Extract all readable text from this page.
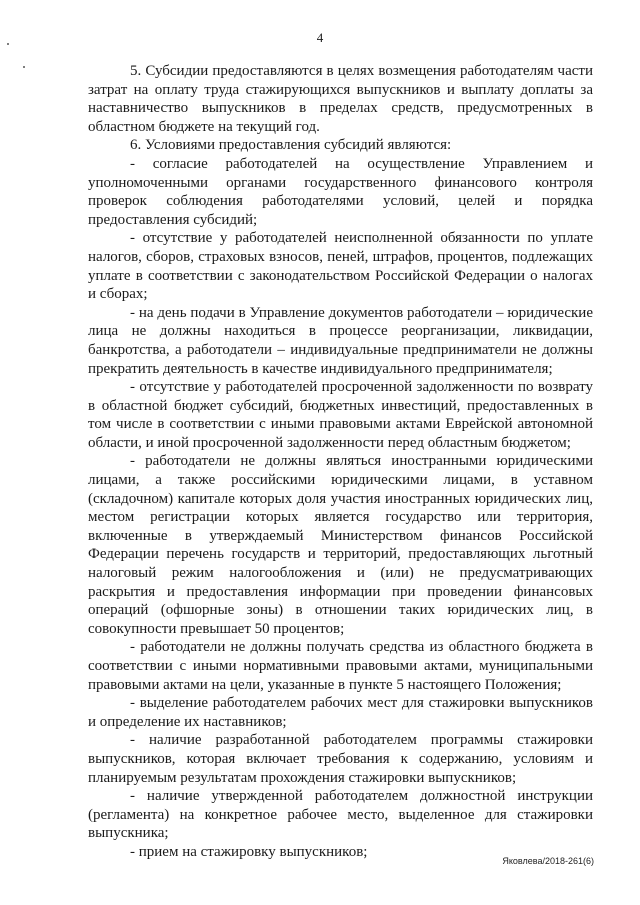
4

5. Субсидии предоставляются в целях возмещения работодателям части затрат на оплату труда стажирующихся выпускников и выплату доплаты за наставничество выпускников в пределах средств, предусмотренных в областном бюджете на текущий год.

6. Условиями предоставления субсидий являются:

- согласие работодателей на осуществление Управлением и уполномоченными органами государственного финансового контроля проверок соблюдения работодателями условий, целей и порядка предоставления субсидий;

- отсутствие у работодателей неисполненной обязанности по уплате налогов, сборов, страховых взносов, пеней, штрафов, процентов, подлежащих уплате в соответствии с законодательством Российской Федерации о налогах и сборах;

- на день подачи в Управление документов работодатели – юридические лица не должны находиться в процессе реорганизации, ликвидации, банкротства, а работодатели – индивидуальные предприниматели не должны прекратить деятельность в качестве индивидуального предпринимателя;

- отсутствие у работодателей просроченной задолженности по возврату в областной бюджет субсидий, бюджетных инвестиций, предоставленных в том числе в соответствии с иными правовыми актами Еврейской автономной области, и иной просроченной задолженности перед областным бюджетом;

- работодатели не должны являться иностранными юридическими лицами, а также российскими юридическими лицами, в уставном (складочном) капитале которых доля участия иностранных юридических лиц, местом регистрации которых является государство или территория, включенные в утверждаемый Министерством финансов Российской Федерации перечень государств и территорий, предоставляющих льготный налоговый режим налогообложения и (или) не предусматривающих раскрытия и предоставления информации при проведении финансовых операций (офшорные зоны) в отношении таких юридических лиц, в совокупности превышает 50 процентов;

- работодатели не должны получать средства из областного бюджета в соответствии с иными нормативными правовыми актами, муниципальными правовыми актами на цели, указанные в пункте 5 настоящего Положения;

- выделение работодателем рабочих мест для стажировки выпускников и определение их наставников;

- наличие разработанной работодателем программы стажировки выпускников, которая включает требования к содержанию, условиям и планируемым результатам прохождения стажировки выпускников;

- наличие утвержденной работодателем должностной инструкции (регламента) на конкретное рабочее место, выделенное для стажировки выпускника;

- прием на стажировку выпускников;

Яковлева/2018-261(6)
